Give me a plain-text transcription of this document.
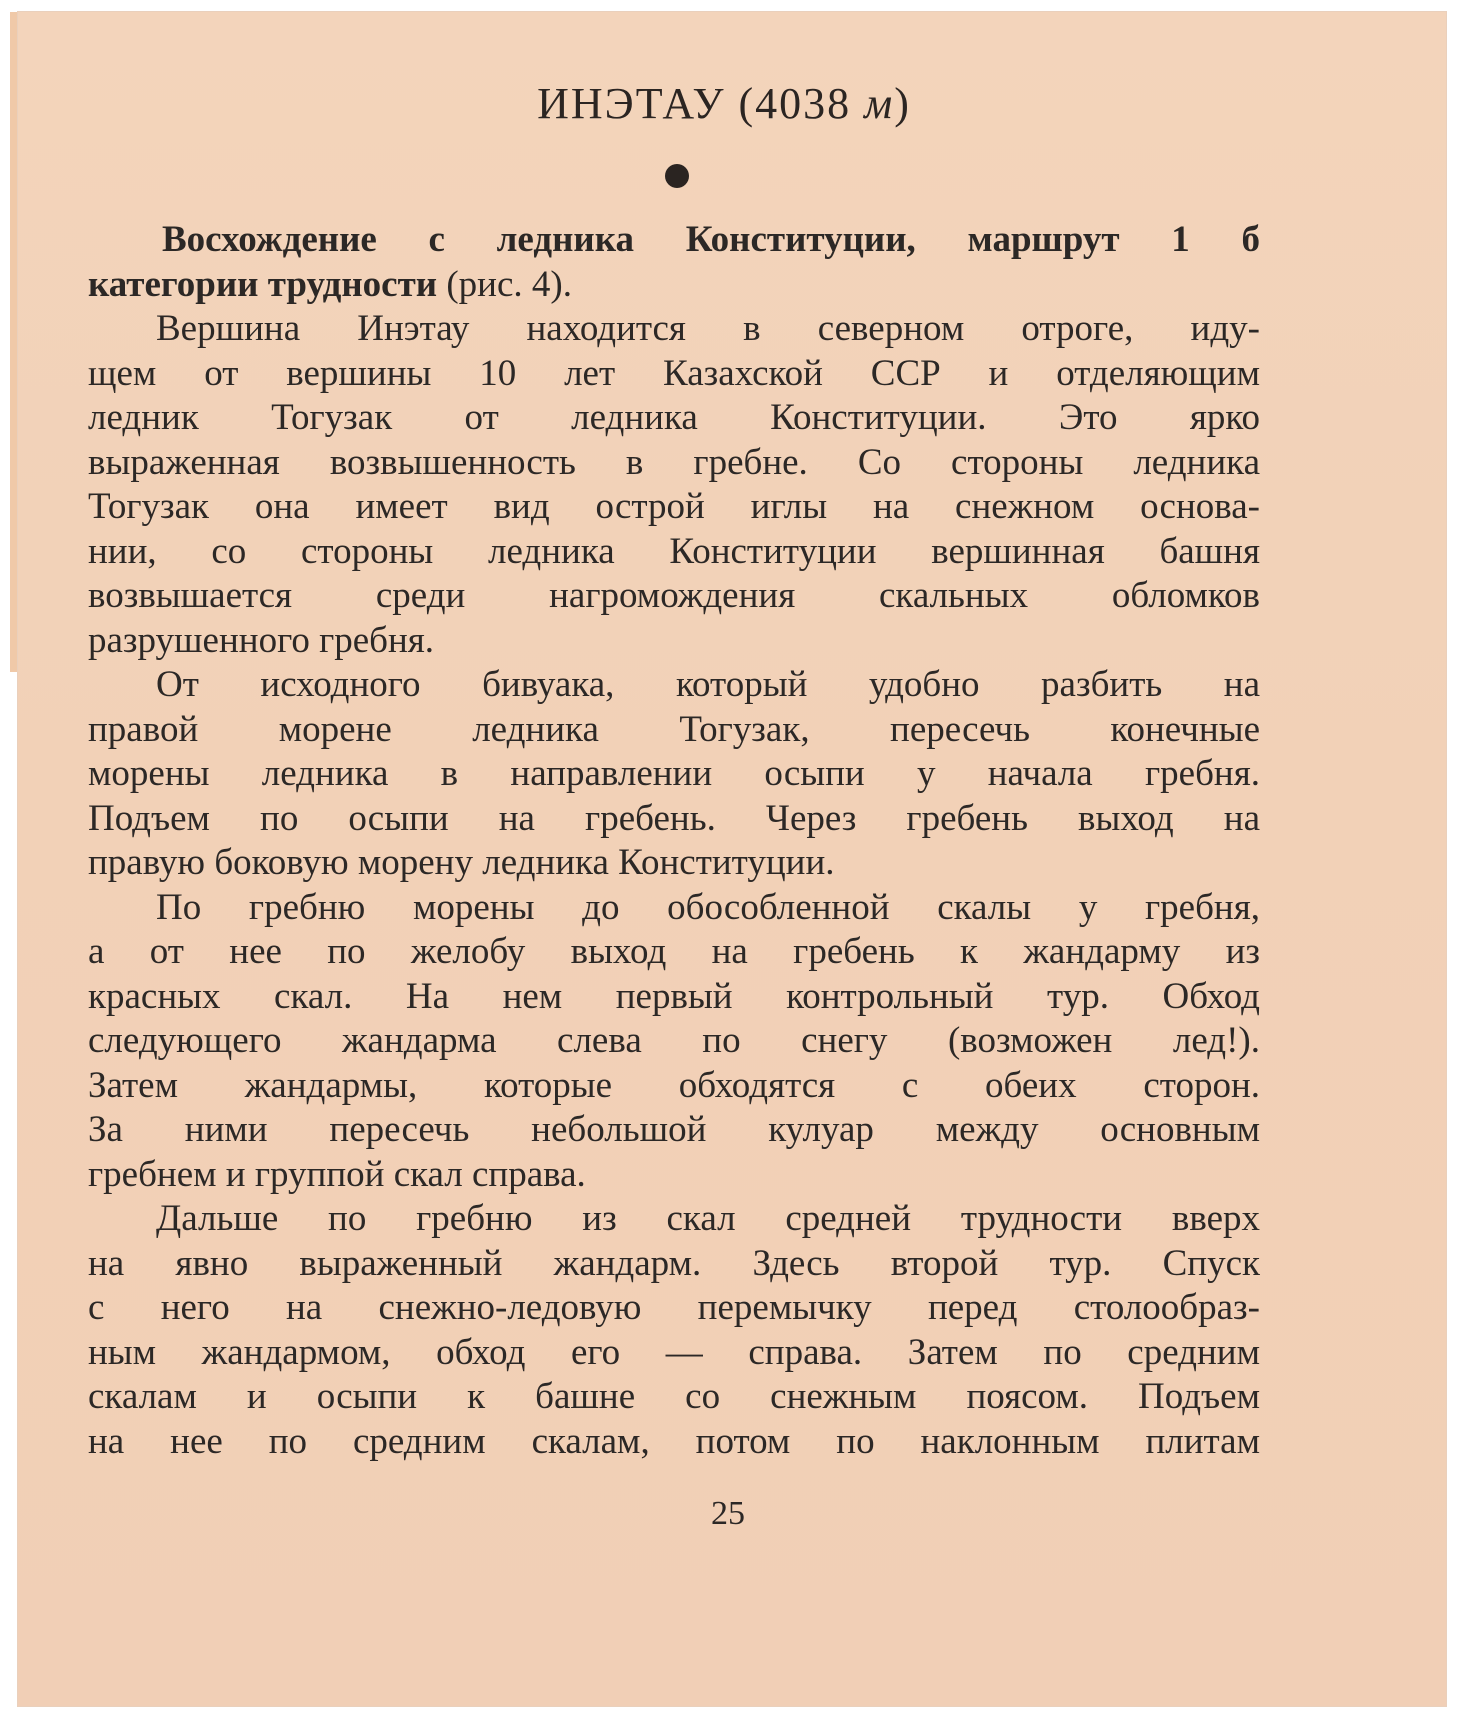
ИНЭТАУ (4038 м)
Восхождение с ледника Конституции, маршрут 1 б
категории трудности (рис. 4).
Вершина Инэтау находится в северном отроге, иду-
щем от вершины 10 лет Казахской ССР и отделяющим
ледник Тогузак от ледника Конституции. Это ярко
выраженная возвышенность в гребне. Со стороны ледника
Тогузак она имеет вид острой иглы на снежном основа-
нии, со стороны ледника Конституции вершинная башня
возвышается среди нагромождения скальных обломков
разрушенного гребня.
От исходного бивуака, который удобно разбить на
правой морене ледника Тогузак, пересечь конечные
морены ледника в направлении осыпи у начала гребня.
Подъем по осыпи на гребень. Через гребень выход на
правую боковую морену ледника Конституции.
По гребню морены до обособленной скалы у гребня,
а от нее по желобу выход на гребень к жандарму из
красных скал. На нем первый контрольный тур. Обход
следующего жандарма слева по снегу (возможен лед!).
Затем жандармы, которые обходятся с обеих сторон.
За ними пересечь небольшой кулуар между основным
гребнем и группой скал справа.
Дальше по гребню из скал средней трудности вверх
на явно выраженный жандарм. Здесь второй тур. Спуск
с него на снежно-ледовую перемычку перед столообраз-
ным жандармом, обход его — справа. Затем по средним
скалам и осыпи к башне со снежным поясом. Подъем
на нее по средним скалам, потом по наклонным плитам
25
